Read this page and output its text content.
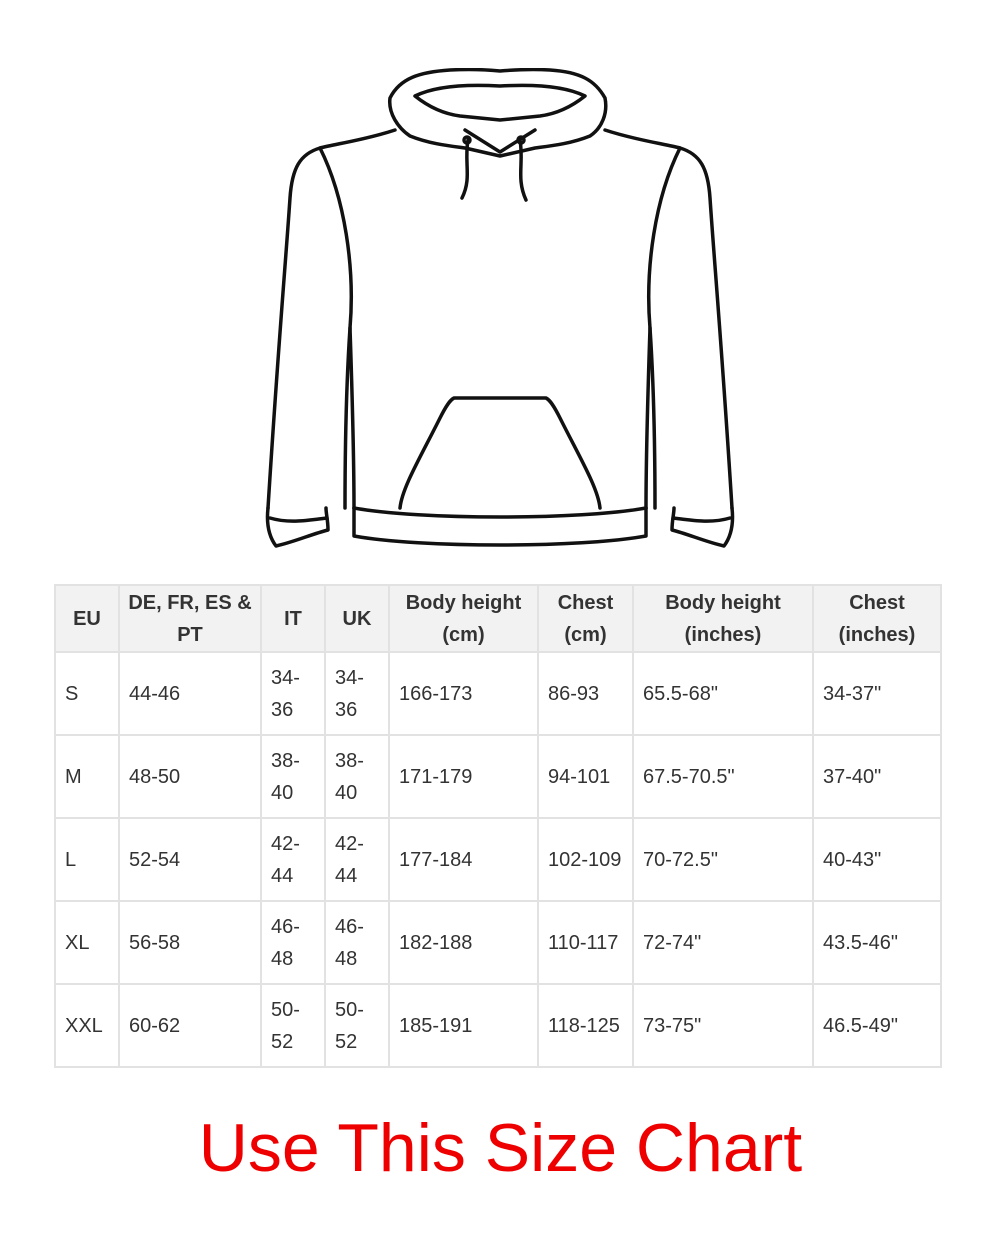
EU	DE, FR, ES & PT	IT	UK	Body height (cm)	Chest (cm)	Body height (inches)	Chest (inches)
S	44-46	34-36	34-36	166-173	86-93	65.5-68"	34-37"
M	48-50	38-40	38-40	171-179	94-101	67.5-70.5"	37-40"
L	52-54	42-44	42-44	177-184	102-109	70-72.5"	40-43"
XL	56-58	46-48	46-48	182-188	110-117	72-74"	43.5-46"
XXL	60-62	50-52	50-52	185-191	118-125	73-75"	46.5-49"
Use This Size Chart
